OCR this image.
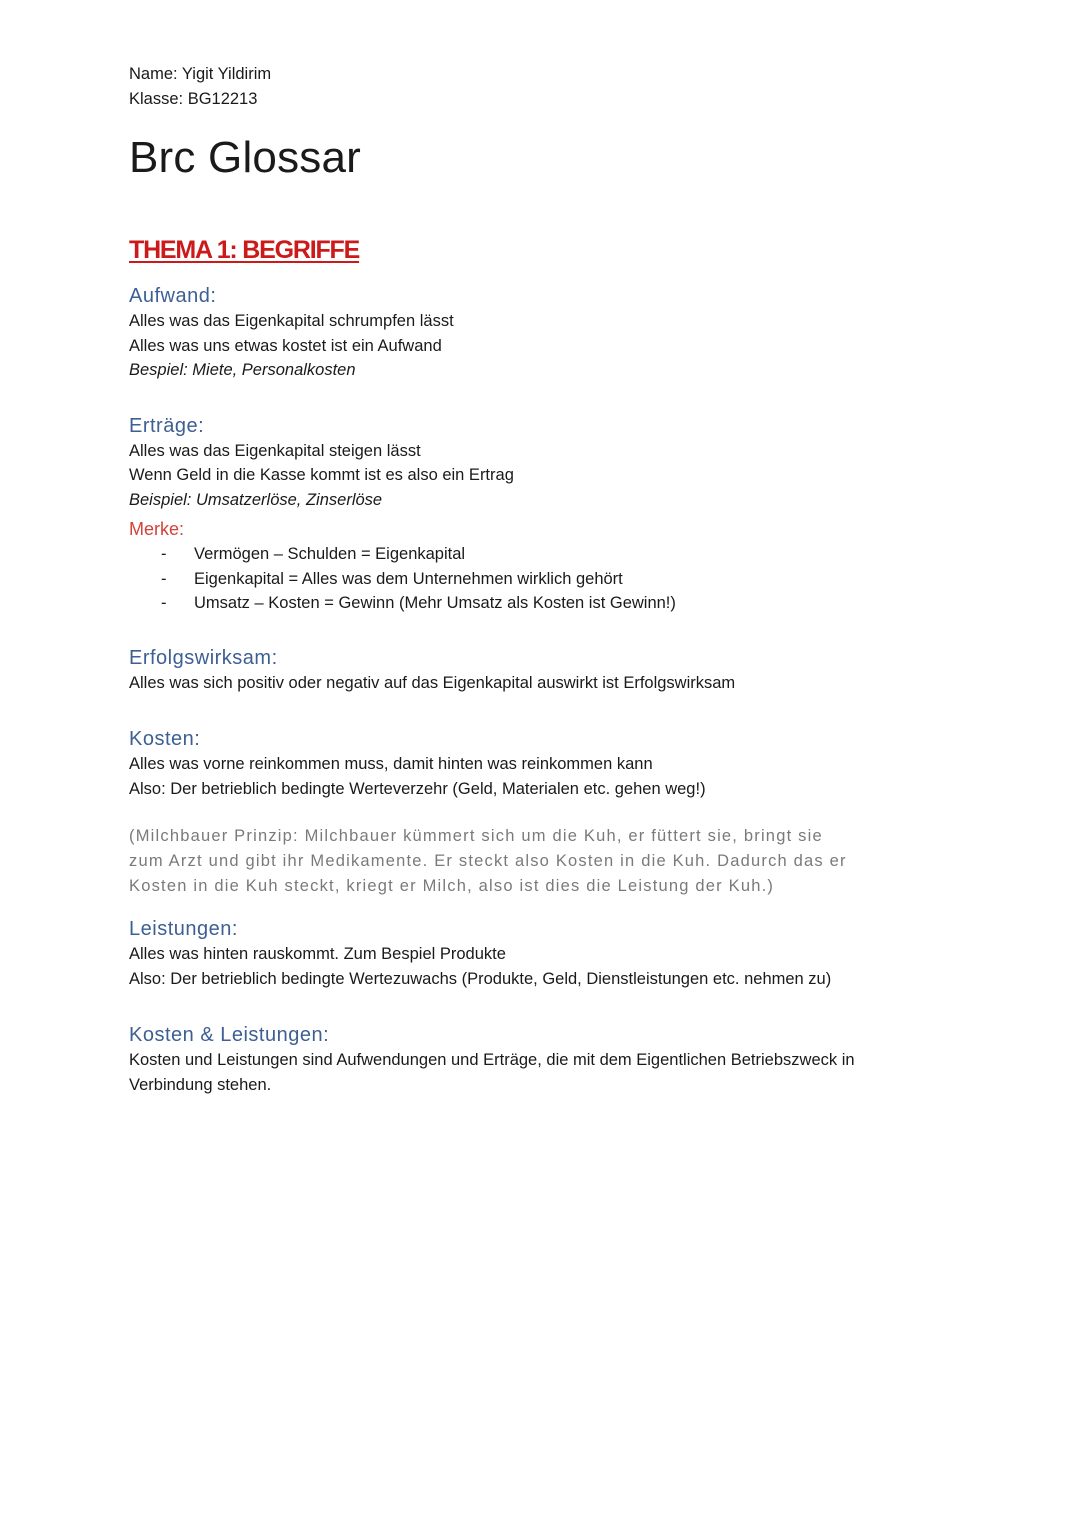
Name: Yigit Yildirim
Klasse: BG12213
Brc Glossar
THEMA 1: BEGRIFFE
Aufwand:
Alles was das Eigenkapital schrumpfen lässt
Alles was uns etwas kostet ist ein Aufwand
Bespiel: Miete, Personalkosten
Erträge:
Alles was das Eigenkapital steigen lässt
Wenn Geld in die Kasse kommt ist es also ein Ertrag
Beispiel: Umsatzerlöse, Zinserlöse
Merke:
- Vermögen – Schulden = Eigenkapital
- Eigenkapital = Alles was dem Unternehmen wirklich gehört
- Umsatz – Kosten = Gewinn (Mehr Umsatz als Kosten ist Gewinn!)
Erfolgswirksam:
Alles was sich positiv oder negativ auf das Eigenkapital auswirkt ist Erfolgswirksam
Kosten:
Alles was vorne reinkommen muss, damit hinten was reinkommen kann
Also: Der betrieblich bedingte Werteverzehr (Geld, Materialen etc. gehen weg!)
(Milchbauer Prinzip: Milchbauer kümmert sich um die Kuh, er füttert sie, bringt sie
zum Arzt und gibt ihr Medikamente. Er steckt also Kosten in die Kuh. Dadurch das er
Kosten in die Kuh steckt, kriegt er Milch, also ist dies die Leistung der Kuh.)
Leistungen:
Alles was hinten rauskommt. Zum Bespiel Produkte
Also: Der betrieblich bedingte Wertezuwachs (Produkte, Geld, Dienstleistungen etc. nehmen zu)
Kosten & Leistungen:
Kosten und Leistungen sind Aufwendungen und Erträge, die mit dem Eigentlichen Betriebszweck in
Verbindung stehen.
